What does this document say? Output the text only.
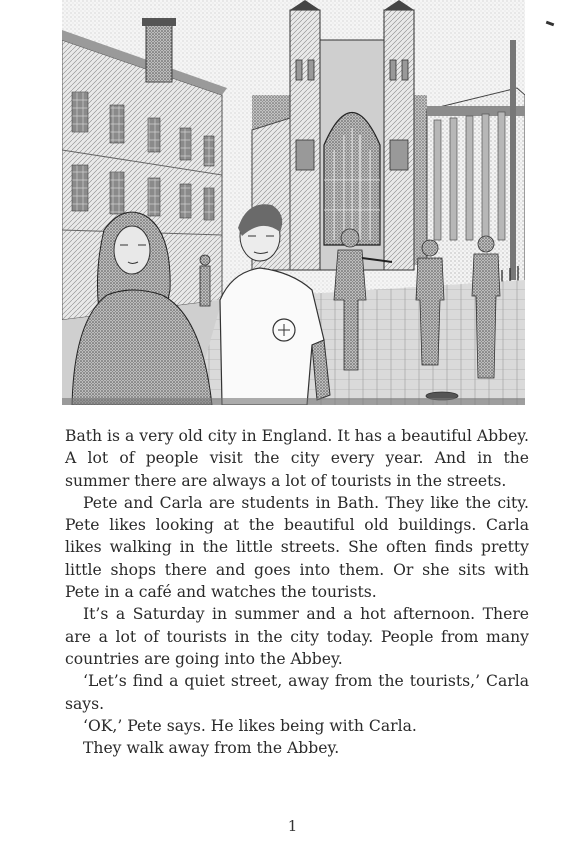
Bath is a very old city in England. It has a beautiful Abbey. A lot of people visit the city every year. And in the summer there are always a lot of tourists in the streets.

Pete and Carla are students in Bath. They like the city. Pete likes looking at the beautiful old buildings. Carla likes walking in the little streets. She often finds pretty little shops there and goes into them. Or she sits with Pete in a café and watches the tourists.

It’s a Saturday in summer and a hot afternoon. There are a lot of tourists in the city today. People from many countries are going into the Abbey.

‘Let’s find a quiet street, away from the tourists,’ Carla says.

‘OK,’ Pete says. He likes being with Carla.

They walk away from the Abbey.

1
